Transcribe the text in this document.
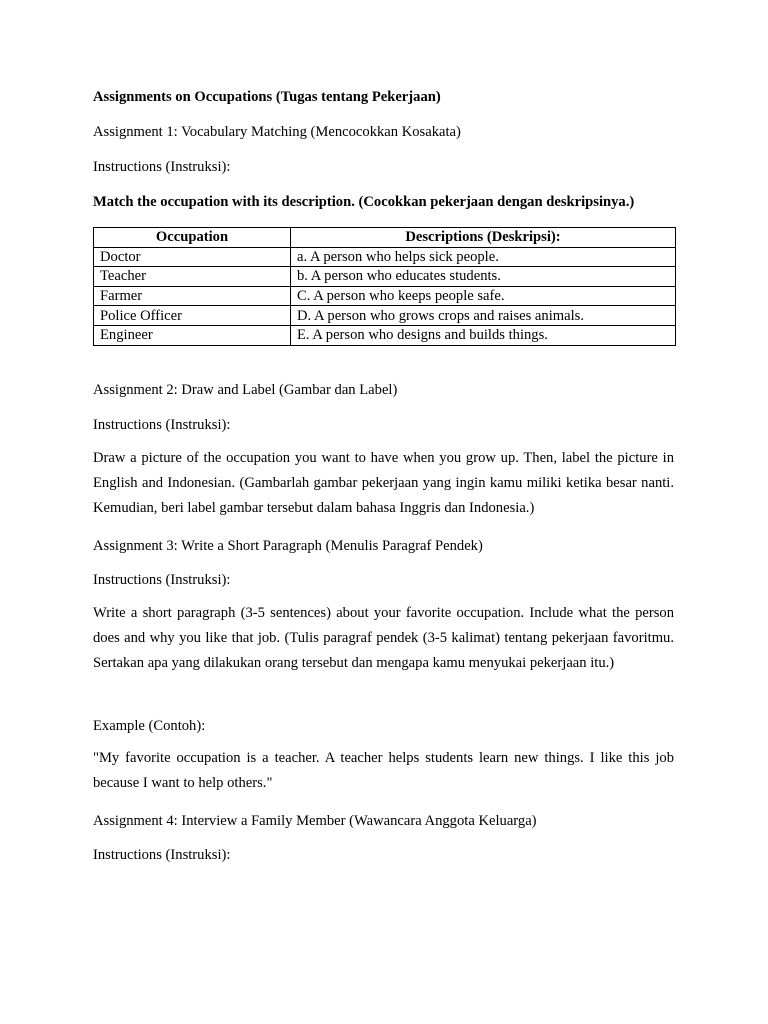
Assignments on Occupations (Tugas tentang Pekerjaan)
Assignment 1: Vocabulary Matching (Mencocokkan Kosakata)
Instructions (Instruksi):
Match the occupation with its description. (Cocokkan pekerjaan dengan deskripsinya.)
Occupation	Descriptions (Deskripsi):
Doctor	a. A person who helps sick people.
Teacher	b. A person who educates students.
Farmer	C. A person who keeps people safe.
Police Officer	D. A person who grows crops and raises animals.
Engineer	E. A person who designs and builds things.
Assignment 2: Draw and Label (Gambar dan Label)
Instructions (Instruksi):
Draw a picture of the occupation you want to have when you grow up. Then, label the picture in English and Indonesian. (Gambarlah gambar pekerjaan yang ingin kamu miliki ketika besar nanti. Kemudian, beri label gambar tersebut dalam bahasa Inggris dan Indonesia.)
Assignment 3: Write a Short Paragraph (Menulis Paragraf Pendek)
Instructions (Instruksi):
Write a short paragraph (3-5 sentences) about your favorite occupation. Include what the person does and why you like that job. (Tulis paragraf pendek (3-5 kalimat) tentang pekerjaan favoritmu. Sertakan apa yang dilakukan orang tersebut dan mengapa kamu menyukai pekerjaan itu.)
Example (Contoh):
"My favorite occupation is a teacher. A teacher helps students learn new things. I like this job because I want to help others."
Assignment 4: Interview a Family Member (Wawancara Anggota Keluarga)
Instructions (Instruksi):
